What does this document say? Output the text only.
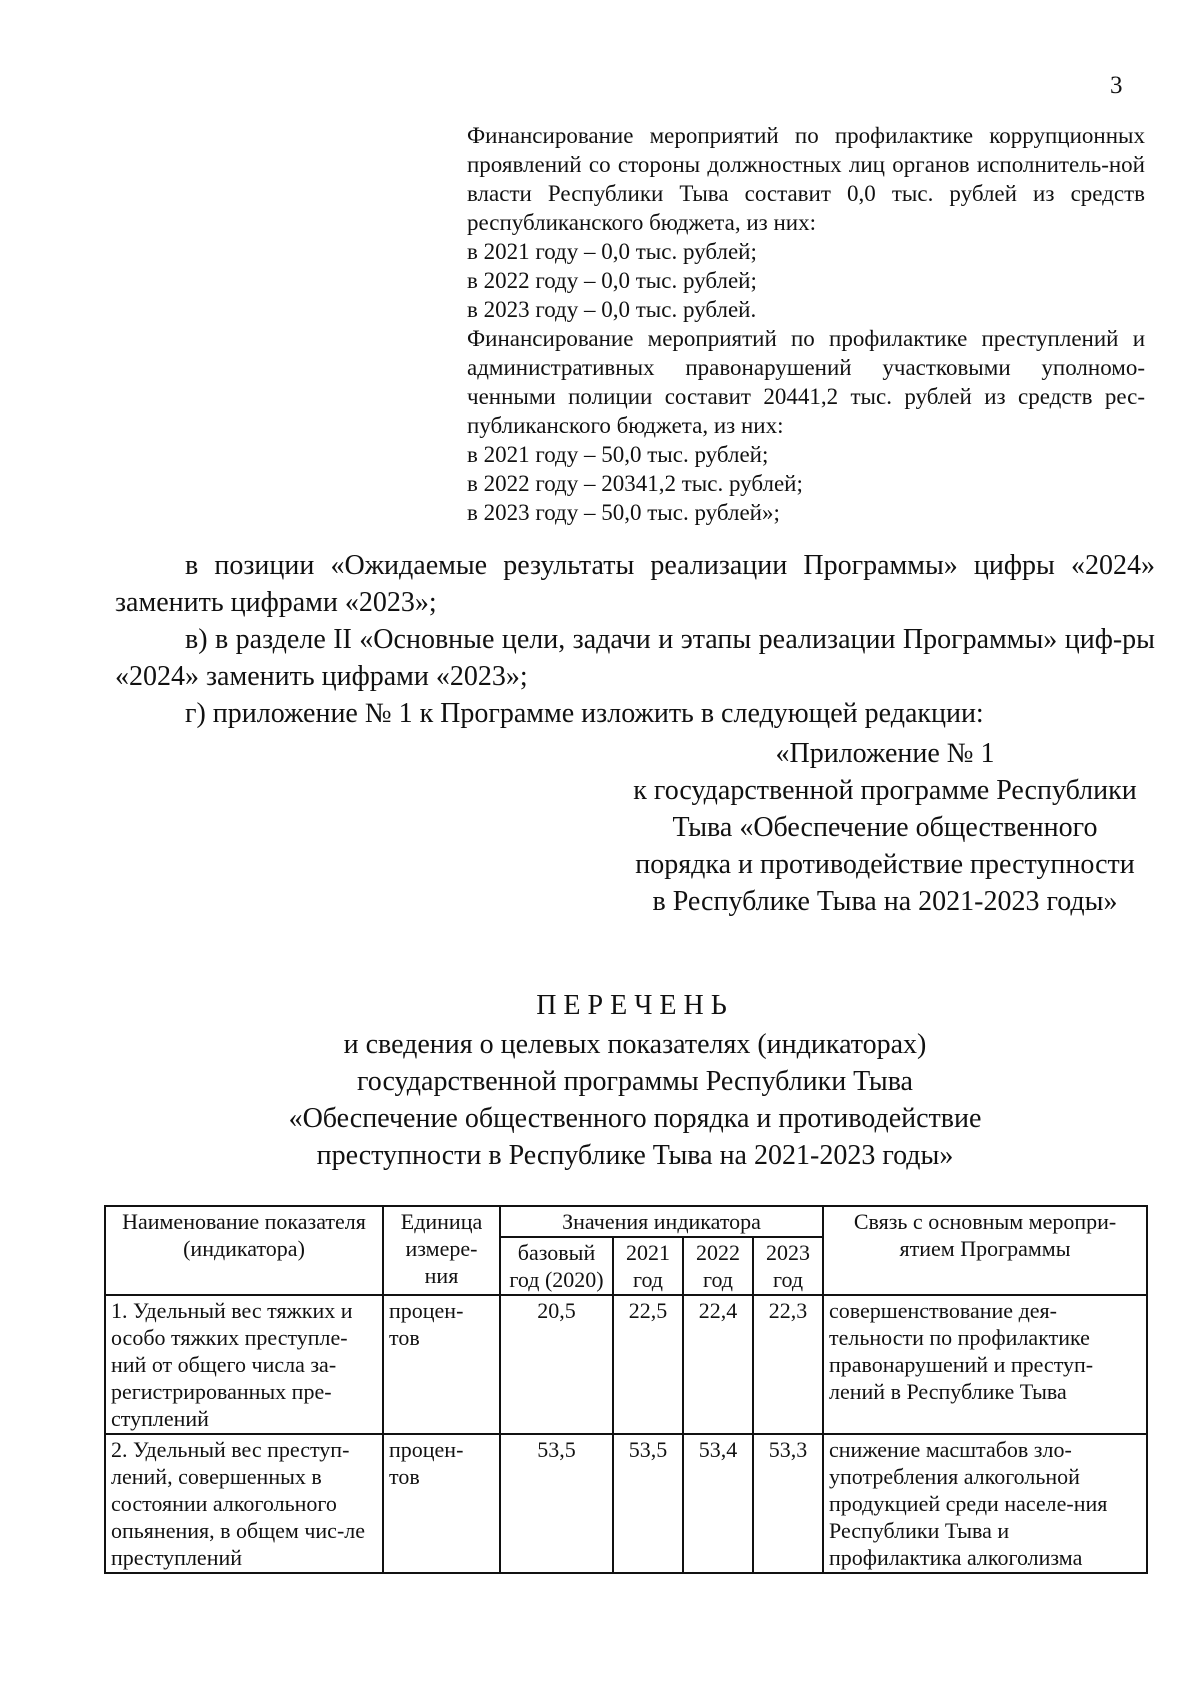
3

Финансирование мероприятий по профилактике коррупционных проявлений со стороны должностных лиц органов исполнитель-ной власти Республики Тыва составит 0,0 тыс. рублей из средств республиканского бюджета, из них:

в 2021 году – 0,0 тыс. рублей;

в 2022 году – 0,0 тыс. рублей;

в 2023 году – 0,0 тыс. рублей.

Финансирование мероприятий по профилактике преступлений и административных правонарушений участковыми уполномо-ченными полиции составит 20441,2 тыс. рублей из средств рес-публиканского бюджета, из них:

в 2021 году – 50,0 тыс. рублей;

в 2022 году – 20341,2 тыс. рублей;

в 2023 году – 50,0 тыс. рублей»;

в позиции «Ожидаемые результаты реализации Программы» цифры «2024» заменить цифрами «2023»;

в) в разделе II «Основные цели, задачи и этапы реализации Программы» циф-ры «2024» заменить цифрами «2023»;

г) приложение № 1 к Программе изложить в следующей редакции:

«Приложение № 1
к государственной программе Республики
Тыва «Обеспечение общественного
порядка и противодействие преступности
в Республике Тыва на 2021-2023 годы»
ПЕРЕЧЕНЬ
и сведения о целевых показателях (индикаторах)
государственной программы Республики Тыва
«Обеспечение общественного порядка и противодействие
преступности в Республике Тыва на 2021-2023 годы»
Наименование показателя (индикатора)	Единица измере-ния	Значения индикатора				Связь с основным меропри-ятием Программы
		базовый год (2020)	2021 год	2022 год	2023 год	
1. Удельный вес тяжких и особо тяжких преступле-ний от общего числа за-регистрированных пре-ступлений	процен-тов	20,5	22,5	22,4	22,3	совершенствование дея-тельности по профилактике правонарушений и преступ-лений в Республике Тыва
2. Удельный вес преступ-лений, совершенных в состоянии алкогольного опьянения, в общем чис-ле преступлений	процен-тов	53,5	53,5	53,4	53,3	снижение масштабов зло-употребления алкогольной продукцией среди населе-ния Республики Тыва и профилактика алкоголизма
